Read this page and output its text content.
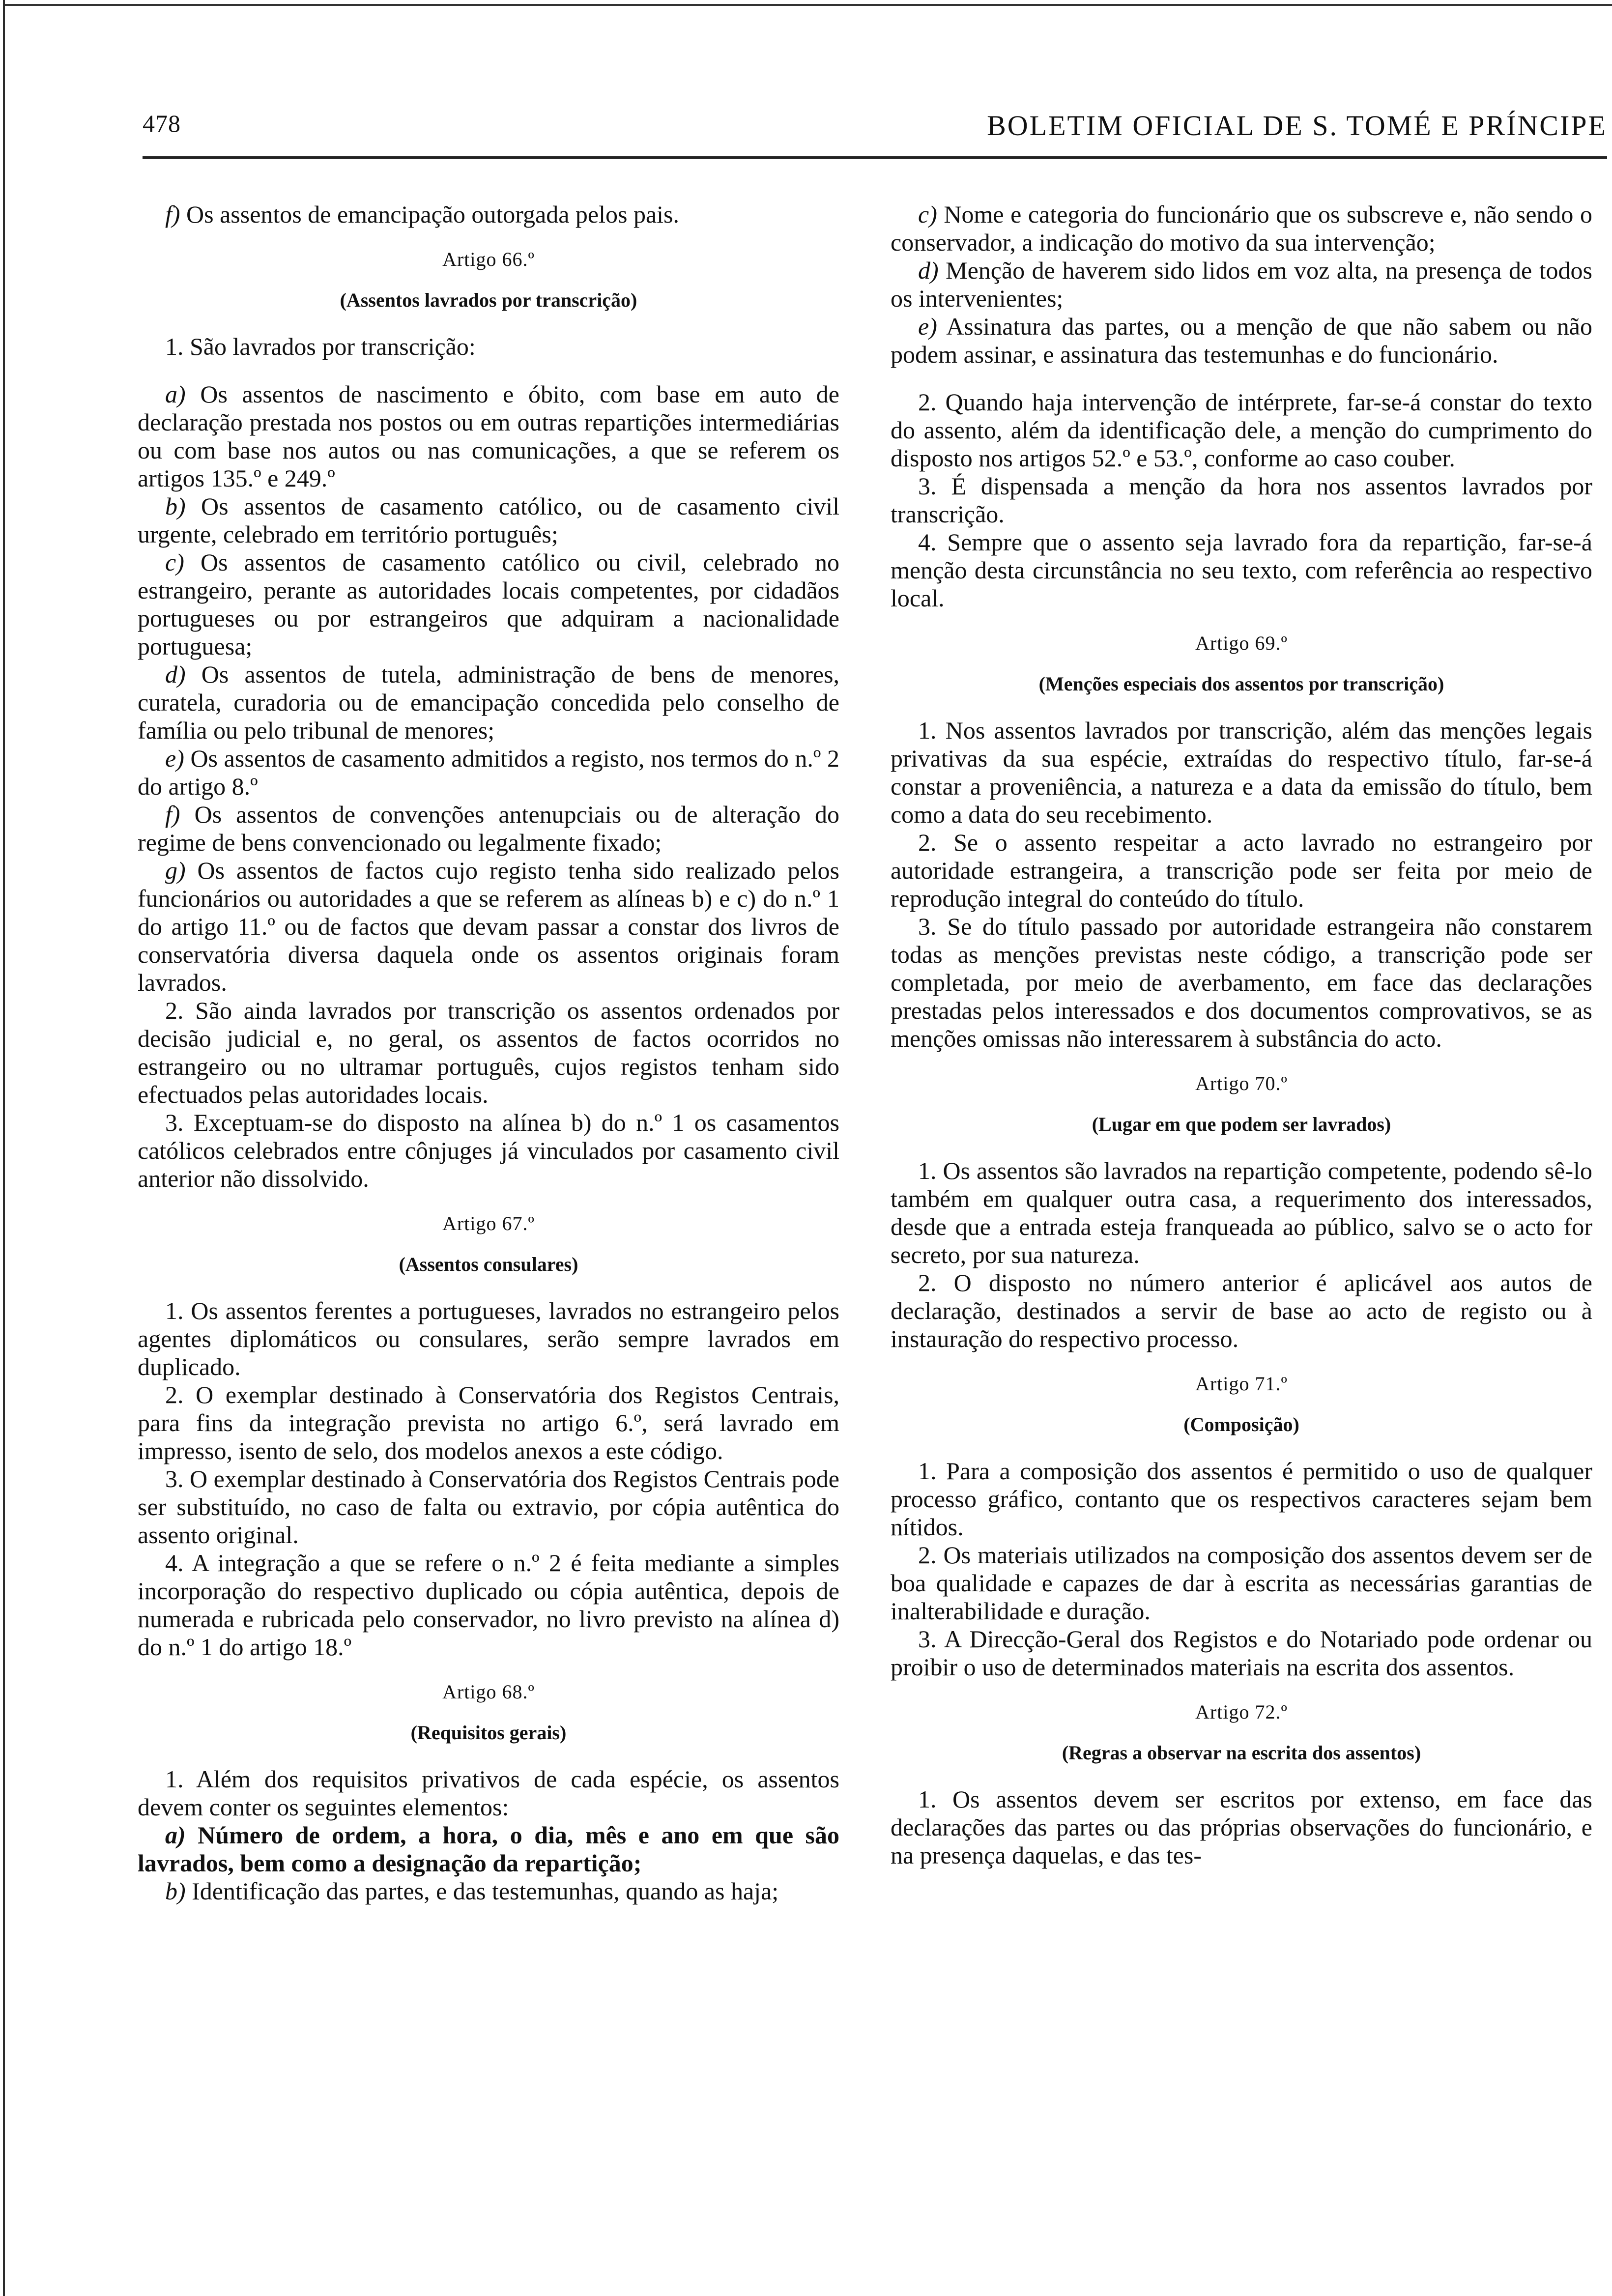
478	BOLETIM OFICIAL DE S. TOMÉ E PRÍNCIPE

f) Os assentos de emancipação outorgada pelos pais.

Artigo 66.º
(Assentos lavrados por transcrição)

1. São lavrados por transcrição:

a) Os assentos de nascimento e óbito, com base em auto de declaração prestada nos postos ou em outras repartições intermediárias ou com base nos autos ou nas comunicações, a que se referem os artigos 135.º e 249.º

b) Os assentos de casamento católico, ou de casamento civil urgente, celebrado em território português;

c) Os assentos de casamento católico ou civil, celebrado no estrangeiro, perante as autoridades locais competentes, por cidadãos portugueses ou por estrangeiros que adquiram a nacionalidade portuguesa;

d) Os assentos de tutela, administração de bens de menores, curatela, curadoria ou de emancipação concedida pelo conselho de família ou pelo tribunal de menores;

e) Os assentos de casamento admitidos a registo, nos termos do n.º 2 do artigo 8.º

f) Os assentos de convenções antenupciais ou de alteração do regime de bens convencionado ou legalmente fixado;

g) Os assentos de factos cujo registo tenha sido realizado pelos funcionários ou autoridades a que se referem as alíneas b) e c) do n.º 1 do artigo 11.º ou de factos que devam passar a constar dos livros de conservatória diversa daquela onde os assentos originais foram lavrados.

2. São ainda lavrados por transcrição os assentos ordenados por decisão judicial e, no geral, os assentos de factos ocorridos no estrangeiro ou no ultramar português, cujos registos tenham sido efectuados pelas autoridades locais.

3. Exceptuam-se do disposto na alínea b) do n.º 1 os casamentos católicos celebrados entre cônjuges já vinculados por casamento civil anterior não dissolvido.

Artigo 67.º
(Assentos consulares)

1. Os assentos ferentes a portugueses, lavrados no estrangeiro pelos agentes diplomáticos ou consulares, serão sempre lavrados em duplicado.

2. O exemplar destinado à Conservatória dos Registos Centrais, para fins da integração prevista no artigo 6.º, será lavrado em impresso, isento de selo, dos modelos anexos a este código.

3. O exemplar destinado à Conservatória dos Registos Centrais pode ser substituído, no caso de falta ou extravio, por cópia autêntica do assento original.

4. A integração a que se refere o n.º 2 é feita mediante a simples incorporação do respectivo duplicado ou cópia autêntica, depois de numerada e rubricada pelo conservador, no livro previsto na alínea d) do n.º 1 do artigo 18.º

Artigo 68.º
(Requisitos gerais)

1. Além dos requisitos privativos de cada espécie, os assentos devem conter os seguintes elementos:

a) Número de ordem, a hora, o dia, mês e ano em que são lavrados, bem como a designação da repartição;

b) Identificação das partes, e das testemunhas, quando as haja;

c) Nome e categoria do funcionário que os subscreve e, não sendo o conservador, a indicação do motivo da sua intervenção;

d) Menção de haverem sido lidos em voz alta, na presença de todos os intervenientes;

e) Assinatura das partes, ou a menção de que não sabem ou não podem assinar, e assinatura das testemunhas e do funcionário.

2. Quando haja intervenção de intérprete, far-se-á constar do texto do assento, além da identificação dele, a menção do cumprimento do disposto nos artigos 52.º e 53.º, conforme ao caso couber.

3. É dispensada a menção da hora nos assentos lavrados por transcrição.

4. Sempre que o assento seja lavrado fora da repartição, far-se-á menção desta circunstância no seu texto, com referência ao respectivo local.

Artigo 69.º
(Menções especiais dos assentos por transcrição)

1. Nos assentos lavrados por transcrição, além das menções legais privativas da sua espécie, extraídas do respectivo título, far-se-á constar a proveniência, a natureza e a data da emissão do título, bem como a data do seu recebimento.

2. Se o assento respeitar a acto lavrado no estrangeiro por autoridade estrangeira, a transcrição pode ser feita por meio de reprodução integral do conteúdo do título.

3. Se do título passado por autoridade estrangeira não constarem todas as menções previstas neste código, a transcrição pode ser completada, por meio de averbamento, em face das declarações prestadas pelos interessados e dos documentos comprovativos, se as menções omissas não interessarem à substância do acto.

Artigo 70.º
(Lugar em que podem ser lavrados)

1. Os assentos são lavrados na repartição competente, podendo sê-lo também em qualquer outra casa, a requerimento dos interessados, desde que a entrada esteja franqueada ao público, salvo se o acto for secreto, por sua natureza.

2. O disposto no número anterior é aplicável aos autos de declaração, destinados a servir de base ao acto de registo ou à instauração do respectivo processo.

Artigo 71.º
(Composição)

1. Para a composição dos assentos é permitido o uso de qualquer processo gráfico, contanto que os respectivos caracteres sejam bem nítidos.

2. Os materiais utilizados na composição dos assentos devem ser de boa qualidade e capazes de dar à escrita as necessárias garantias de inalterabilidade e duração.

3. A Direcção-Geral dos Registos e do Notariado pode ordenar ou proibir o uso de determinados materiais na escrita dos assentos.

Artigo 72.º
(Regras a observar na escrita dos assentos)

1. Os assentos devem ser escritos por extenso, em face das declarações das partes ou das próprias observações do funcionário, e na presença daquelas, e das tes-
